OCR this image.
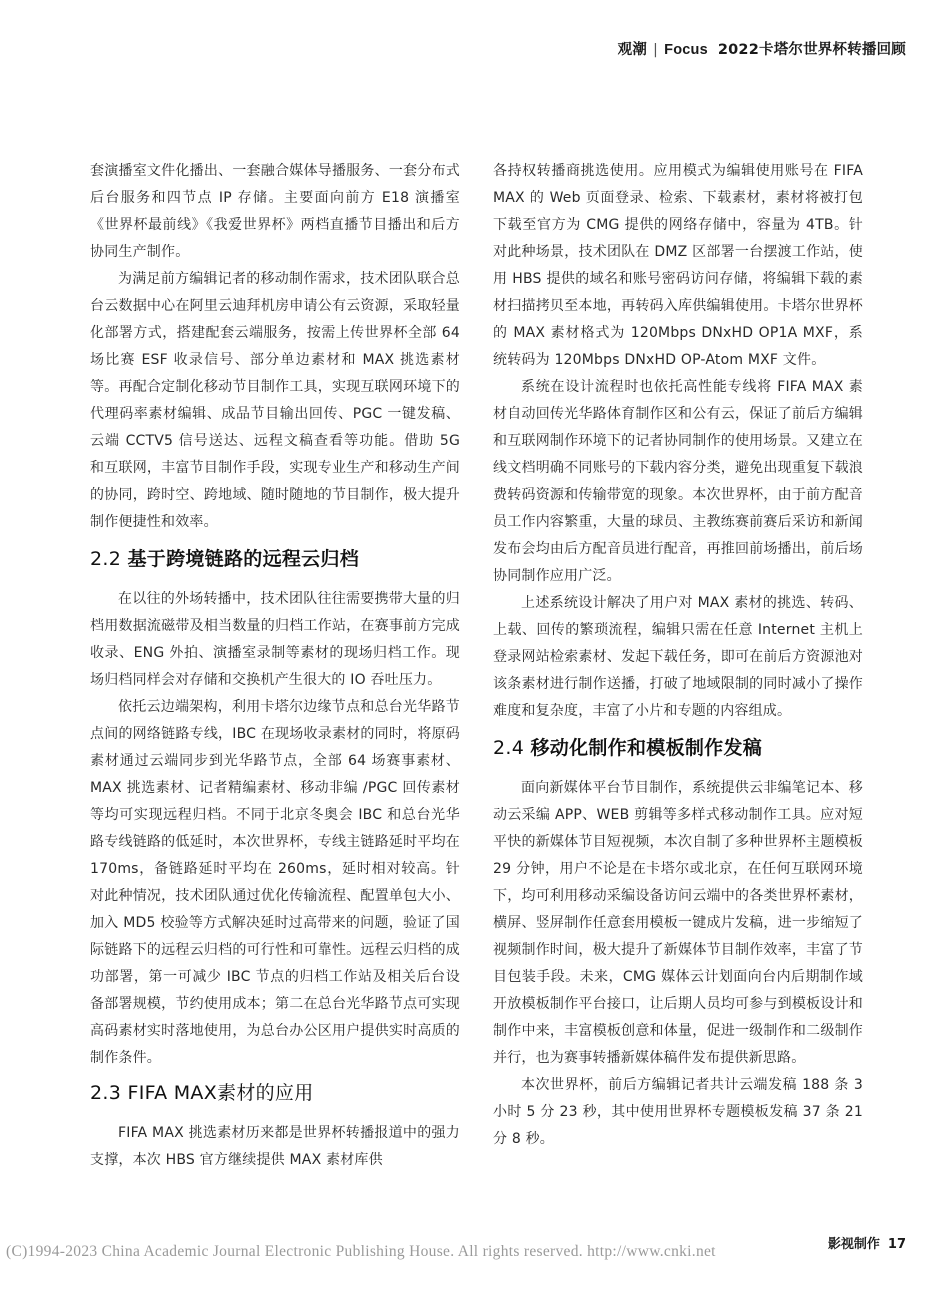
观潮 | Focus 2022卡塔尔世界杯转播回顾

套演播室文件化播出、一套融合媒体导播服务、一套分布式后台服务和四节点 IP 存储。主要面向前方 E18 演播室《世界杯最前线》《我爱世界杯》两档直播节目播出和后方协同生产制作。

为满足前方编辑记者的移动制作需求，技术团队联合总台云数据中心在阿里云迪拜机房申请公有云资源，采取轻量化部署方式，搭建配套云端服务，按需上传世界杯全部 64 场比赛 ESF 收录信号、部分单边素材和 MAX 挑选素材等。再配合定制化移动节目制作工具，实现互联网环境下的代理码率素材编辑、成品节目输出回传、PGC 一键发稿、云端 CCTV5 信号送达、远程文稿查看等功能。借助 5G 和互联网，丰富节目制作手段，实现专业生产和移动生产间的协同，跨时空、跨地域、随时随地的节目制作，极大提升制作便捷性和效率。

2.2 基于跨境链路的远程云归档

在以往的外场转播中，技术团队往往需要携带大量的归档用数据流磁带及相当数量的归档工作站，在赛事前方完成收录、ENG 外拍、演播室录制等素材的现场归档工作。现场归档同样会对存储和交换机产生很大的 IO 吞吐压力。

依托云边端架构，利用卡塔尔边缘节点和总台光华路节点间的网络链路专线，IBC 在现场收录素材的同时，将原码素材通过云端同步到光华路节点，全部 64 场赛事素材、MAX 挑选素材、记者精编素材、移动非编 /PGC 回传素材等均可实现远程归档。不同于北京冬奥会 IBC 和总台光华路专线链路的低延时，本次世界杯，专线主链路延时平均在 170ms，备链路延时平均在 260ms，延时相对较高。针对此种情况，技术团队通过优化传输流程、配置单包大小、加入 MD5 校验等方式解决延时过高带来的问题，验证了国际链路下的远程云归档的可行性和可靠性。远程云归档的成功部署，第一可减少 IBC 节点的归档工作站及相关后台设备部署规模，节约使用成本；第二在总台光华路节点可实现高码素材实时落地使用，为总台办公区用户提供实时高质的制作条件。

2.3 FIFA MAX素材的应用

FIFA MAX 挑选素材历来都是世界杯转播报道中的强力支撑，本次 HBS 官方继续提供 MAX 素材库供

各持权转播商挑选使用。应用模式为编辑使用账号在 FIFA MAX 的 Web 页面登录、检索、下载素材，素材将被打包下载至官方为 CMG 提供的网络存储中，容量为 4TB。针对此种场景，技术团队在 DMZ 区部署一台摆渡工作站，使用 HBS 提供的域名和账号密码访问存储，将编辑下载的素材扫描拷贝至本地，再转码入库供编辑使用。卡塔尔世界杯的 MAX 素材格式为 120Mbps DNxHD OP1A MXF，系统转码为 120Mbps DNxHD OP-Atom MXF 文件。

系统在设计流程时也依托高性能专线将 FIFA MAX 素材自动回传光华路体育制作区和公有云，保证了前后方编辑和互联网制作环境下的记者协同制作的使用场景。又建立在线文档明确不同账号的下载内容分类，避免出现重复下载浪费转码资源和传输带宽的现象。本次世界杯，由于前方配音员工作内容繁重，大量的球员、主教练赛前赛后采访和新闻发布会均由后方配音员进行配音，再推回前场播出，前后场协同制作应用广泛。

上述系统设计解决了用户对 MAX 素材的挑选、转码、上载、回传的繁琐流程，编辑只需在任意 Internet 主机上登录网站检索素材、发起下载任务，即可在前后方资源池对该条素材进行制作送播，打破了地域限制的同时减小了操作难度和复杂度，丰富了小片和专题的内容组成。

2.4 移动化制作和模板制作发稿

面向新媒体平台节目制作，系统提供云非编笔记本、移动云采编 APP、WEB 剪辑等多样式移动制作工具。应对短平快的新媒体节目短视频，本次自制了多种世界杯主题模板 29 分钟，用户不论是在卡塔尔或北京，在任何互联网环境下，均可利用移动采编设备访问云端中的各类世界杯素材，横屏、竖屏制作任意套用模板一键成片发稿，进一步缩短了视频制作时间，极大提升了新媒体节目制作效率，丰富了节目包装手段。未来，CMG 媒体云计划面向台内后期制作域开放模板制作平台接口，让后期人员均可参与到模板设计和制作中来，丰富模板创意和体量，促进一级制作和二级制作并行，也为赛事转播新媒体稿件发布提供新思路。

本次世界杯，前后方编辑记者共计云端发稿 188 条 3 小时 5 分 23 秒，其中使用世界杯专题模板发稿 37 条 21 分 8 秒。

(C)1994-2023 China Academic Journal Electronic Publishing House. All rights reserved. http://www.cnki.net	影视制作 17
